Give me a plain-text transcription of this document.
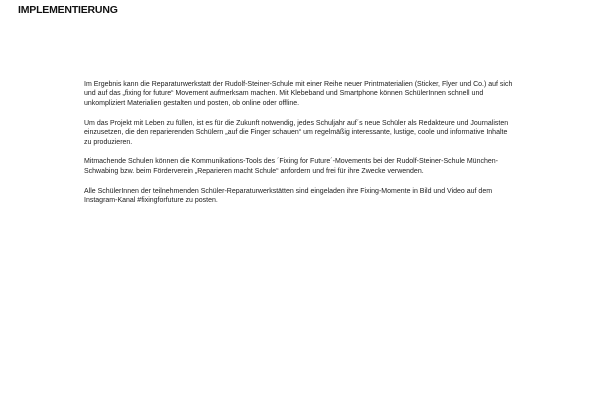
IMPLEMENTIERUNG

Im Ergebnis kann die Reparaturwerkstatt der Rudolf-Steiner-Schule mit einer Reihe neuer Printmaterialien (Sticker, Flyer und Co.) auf sich und auf das „fixing for future“ Movement aufmerksam machen. Mit Klebeband und Smartphone können SchülerInnen schnell und unkompliziert Materialien gestalten und posten, ob online oder offline.

Um das Projekt mit Leben zu füllen, ist es für die Zukunft notwendig, jedes Schuljahr auf´s neue Schüler als Redakteure und Journalisten einzusetzen, die den reparierenden Schülern „auf die Finger schauen“ um regelmäßig interessante, lustige, coole und informative Inhalte zu produzieren.

Mitmachende Schulen können die Kommunikations-Tools des ´Fixing for Future´-Movements bei der Rudolf-Steiner-Schule München-Schwabing bzw. beim Förderverein „Reparieren macht Schule“ anfordern und frei für ihre Zwecke verwenden.

Alle SchülerInnen der teilnehmenden Schüler-Reparaturwerkstätten sind eingeladen ihre Fixing-Momente in Bild und Video auf dem Instagram-Kanal #fixingforfuture zu posten.
